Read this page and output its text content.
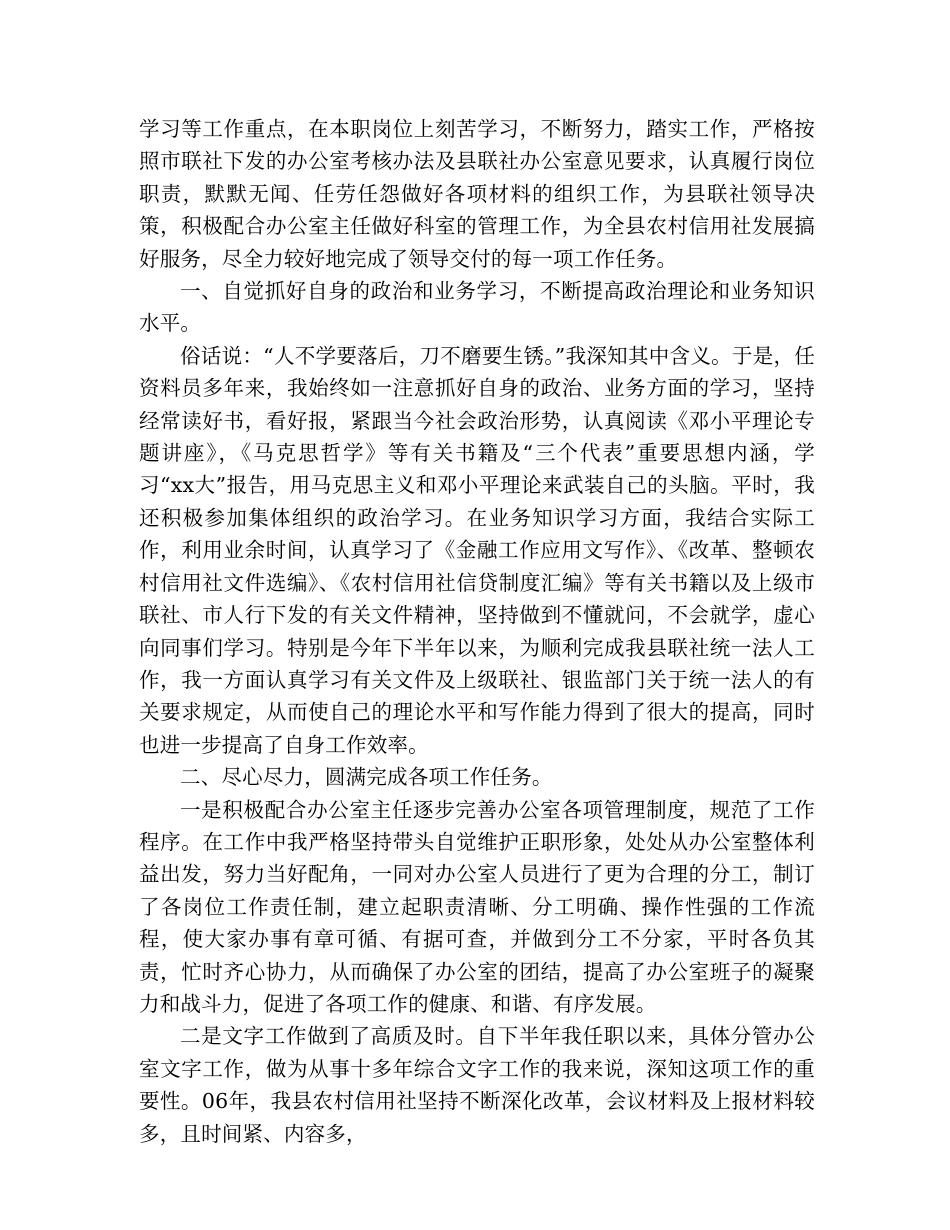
学习等工作重点，在本职岗位上刻苦学习，不断努力，踏实工作，严格按照市联社下发的办公室考核办法及县联社办公室意见要求，认真履行岗位职责，默默无闻、任劳任怨做好各项材料的组织工作，为县联社领导决策，积极配合办公室主任做好科室的管理工作，为全县农村信用社发展搞好服务，尽全力较好地完成了领导交付的每一项工作任务。

一、自觉抓好自身的政治和业务学习，不断提高政治理论和业务知识水平。

俗话说：“人不学要落后，刀不磨要生锈。”我深知其中含义。于是，任资料员多年来，我始终如一注意抓好自身的政治、业务方面的学习，坚持经常读好书，看好报，紧跟当今社会政治形势，认真阅读《邓小平理论专题讲座》，《马克思哲学》等有关书籍及“三个代表”重要思想内涵，学习“xx大”报告，用马克思主义和邓小平理论来武装自己的头脑。平时，我还积极参加集体组织的政治学习。在业务知识学习方面，我结合实际工作，利用业余时间，认真学习了《金融工作应用文写作》、《改革、整顿农村信用社文件选编》、《农村信用社信贷制度汇编》等有关书籍以及上级市联社、市人行下发的有关文件精神，坚持做到不懂就问，不会就学，虚心向同事们学习。特别是今年下半年以来，为顺利完成我县联社统一法人工作，我一方面认真学习有关文件及上级联社、银监部门关于统一法人的有关要求规定，从而使自己的理论水平和写作能力得到了很大的提高，同时也进一步提高了自身工作效率。

二、尽心尽力，圆满完成各项工作任务。

一是积极配合办公室主任逐步完善办公室各项管理制度，规范了工作程序。在工作中我严格坚持带头自觉维护正职形象，处处从办公室整体利益出发，努力当好配角，一同对办公室人员进行了更为合理的分工，制订了各岗位工作责任制，建立起职责清晰、分工明确、操作性强的工作流程，使大家办事有章可循、有据可查，并做到分工不分家，平时各负其责，忙时齐心协力，从而确保了办公室的团结，提高了办公室班子的凝聚力和战斗力，促进了各项工作的健康、和谐、有序发展。

二是文字工作做到了高质及时。自下半年我任职以来，具体分管办公室文字工作，做为从事十多年综合文字工作的我来说，深知这项工作的重要性。06年，我县农村信用社坚持不断深化改革，会议材料及上报材料较多，且时间紧、内容多，
